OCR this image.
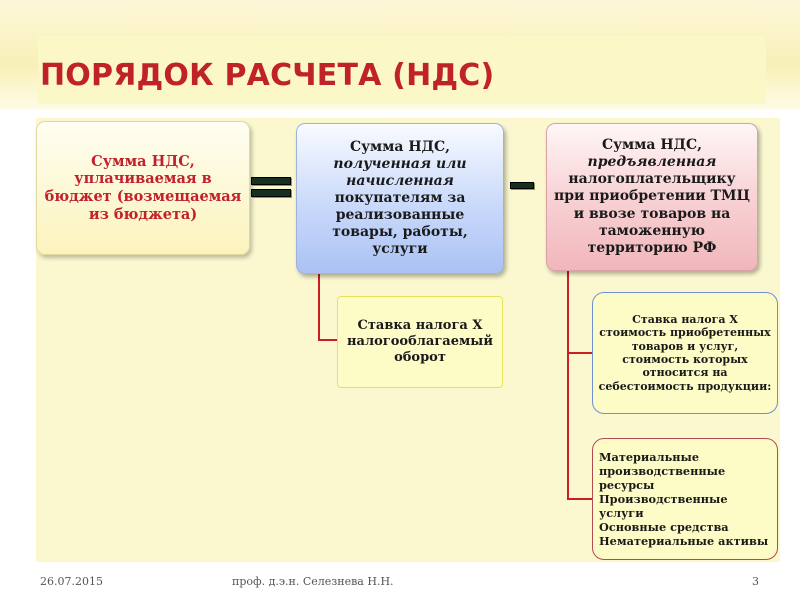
ПОРЯДОК РАСЧЕТА (НДС)
Сумма НДС, уплачиваемая в бюджет (возмещаемая из бюджета)
Сумма НДС, полученная или начисленная покупателям за реализованные товары, работы, услуги
Сумма НДС, предъявленная налогоплательщику при приобретении ТМЦ и ввозе товаров на таможенную территорию РФ
Ставка налога Х налогооблагаемый оборот
Ставка налога Х стоимость приобретенных товаров и услуг, стоимость которых относится на себестоимость продукции:
Материальные производственные ресурсы
Производственные услуги
Основные средства
Нематериальные активы
26.07.2015	проф. д.э.н. Селезнева Н.Н.	3
